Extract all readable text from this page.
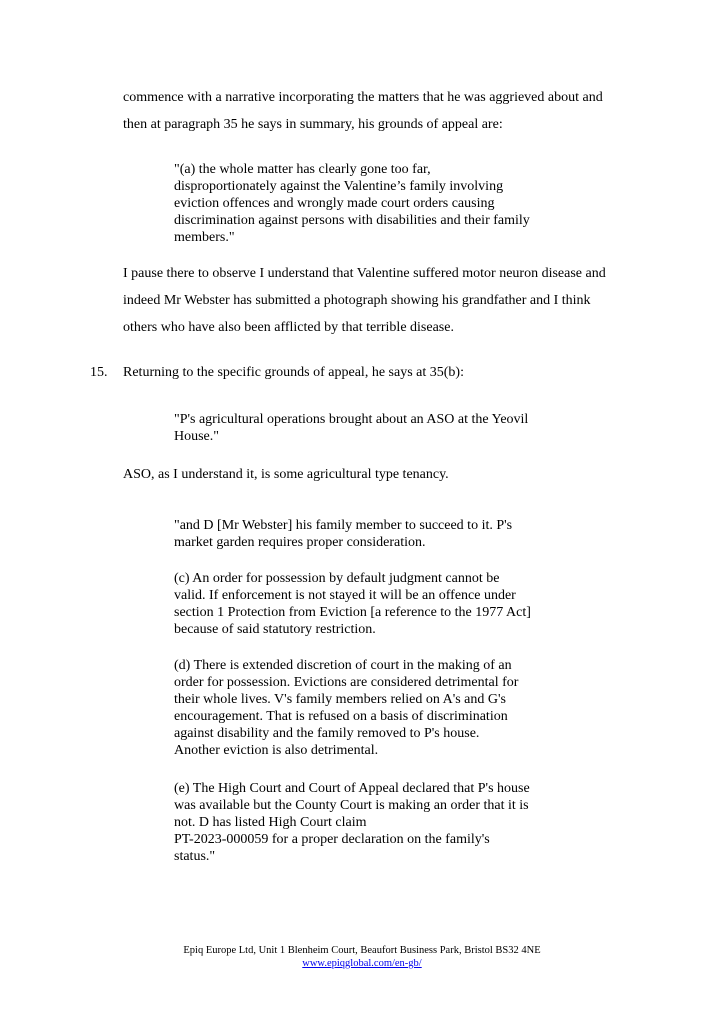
commence with a narrative incorporating the matters that he was aggrieved about and
then at paragraph 35 he says in summary, his grounds of appeal are:

"(a) the whole matter has clearly gone too far,
disproportionately against the Valentine’s family involving
eviction offences and wrongly made court orders causing
discrimination against persons with disabilities and their family
members."

I pause there to observe I understand that Valentine suffered motor neuron disease and
indeed Mr Webster has submitted a photograph showing his grandfather and I think
others who have also been afflicted by that terrible disease.

15. Returning to the specific grounds of appeal, he says at 35(b):

"P's agricultural operations brought about an ASO at the Yeovil
House."

ASO, as I understand it, is some agricultural type tenancy.

"and D [Mr Webster] his family member to succeed to it. P's
market garden requires proper consideration.

(c) An order for possession by default judgment cannot be
valid. If enforcement is not stayed it will be an offence under
section 1 Protection from Eviction [a reference to the 1977 Act]
because of said statutory restriction.

(d) There is extended discretion of court in the making of an
order for possession. Evictions are considered detrimental for
their whole lives. V's family members relied on A's and G's
encouragement. That is refused on a basis of discrimination
against disability and the family removed to P's house.
Another eviction is also detrimental.

(e) The High Court and Court of Appeal declared that P's house
was available but the County Court is making an order that it is
not. D has listed High Court claim
PT-2023-000059 for a proper declaration on the family's
status."

Epiq Europe Ltd, Unit 1 Blenheim Court, Beaufort Business Park, Bristol BS32 4NE
www.epiqglobal.com/en-gb/
